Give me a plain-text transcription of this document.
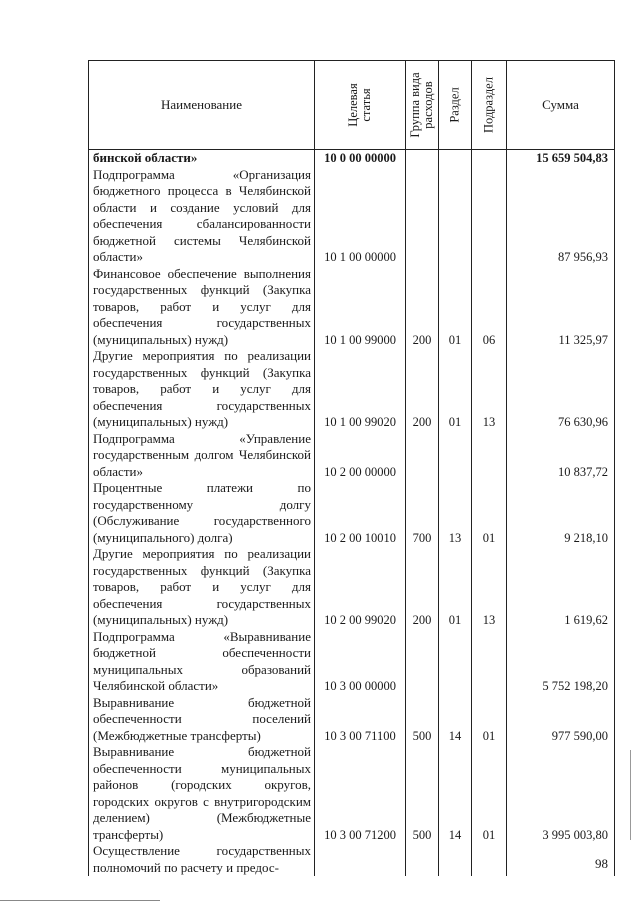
Наименование	Целевая статья	Группа вида расходов	Раздел	Подраздел	Сумма
бинской области»	10 0 00 00000				15 659 504,83
Подпрограмма «Организация бюджетного процесса в Челябинской области и создание условий для обеспечения сбалансированности бюджетной системы Челябинской области»	10 1 00 00000				87 956,93
Финансовое обеспечение выполнения государственных функций (Закупка товаров, работ и услуг для обеспечения государственных (муниципальных) нужд)	10 1 00 99000	200	01	06	11 325,97
Другие мероприятия по реализации государственных функций (Закупка товаров, работ и услуг для обеспечения государственных (муниципальных) нужд)	10 1 00 99020	200	01	13	76 630,96
Подпрограмма «Управление государственным долгом Челябинской области»	10 2 00 00000				10 837,72
Процентные платежи по государственному долгу (Обслуживание государственного (муниципального) долга)	10 2 00 10010	700	13	01	9 218,10
Другие мероприятия по реализации государственных функций (Закупка товаров, работ и услуг для обеспечения государственных (муниципальных) нужд)	10 2 00 99020	200	01	13	1 619,62
Подпрограмма «Выравнивание бюджетной обеспеченности муниципальных образований Челябинской области»	10 3 00 00000				5 752 198,20
Выравнивание бюджетной обеспеченности поселений (Межбюджетные трансферты)	10 3 00 71100	500	14	01	977 590,00
Выравнивание бюджетной обеспеченности муниципальных районов (городских округов, городских округов с внутригородским делением) (Межбюджетные трансферты)	10 3 00 71200	500	14	01	3 995 003,80
Осуществление государственных полномочий по расчету и предос-						98
